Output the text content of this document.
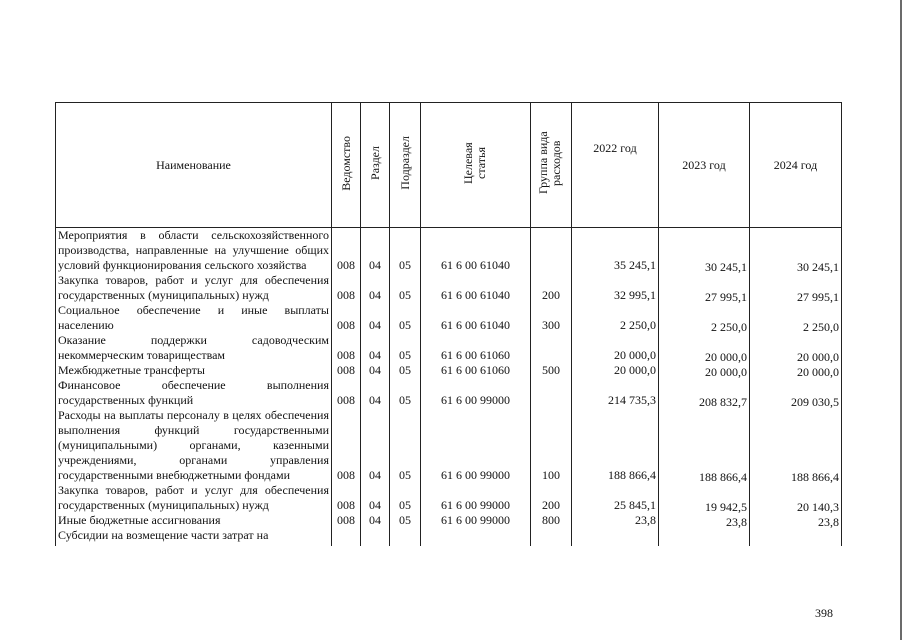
Наименование	Ведомство	Раздел	Подраздел	Целевая статья	Группа вида расходов	2022 год	2023 год	2024 год
Мероприятия в области сельскохозяйственного производства, направленные на улучшение общих условий функционирования сельского хозяйства	008	04	05	61 6 00 61040		35 245,1	30 245,1	30 245,1
Закупка товаров, работ и услуг для обеспечения государственных (муниципальных) нужд	008	04	05	61 6 00 61040	200	32 995,1	27 995,1	27 995,1
Социальное обеспечение и иные выплаты населению	008	04	05	61 6 00 61040	300	2 250,0	2 250,0	2 250,0
Оказание поддержки садоводческим некоммерческим товариществам	008	04	05	61 6 00 61060		20 000,0	20 000,0	20 000,0
Межбюджетные трансферты	008	04	05	61 6 00 61060	500	20 000,0	20 000,0	20 000,0
Финансовое обеспечение выполнения государственных функций	008	04	05	61 6 00 99000		214 735,3	208 832,7	209 030,5
Расходы на выплаты персоналу в целях обеспечения выполнения функций государственными (муниципальными) органами, казенными учреждениями, органами управления государственными внебюджетными фондами	008	04	05	61 6 00 99000	100	188 866,4	188 866,4	188 866,4
Закупка товаров, работ и услуг для обеспечения государственных (муниципальных) нужд	008	04	05	61 6 00 99000	200	25 845,1	19 942,5	20 140,3
Иные бюджетные ассигнования	008	04	05	61 6 00 99000	800	23,8	23,8	23,8
Субсидии на возмещение части затрат на								
398
